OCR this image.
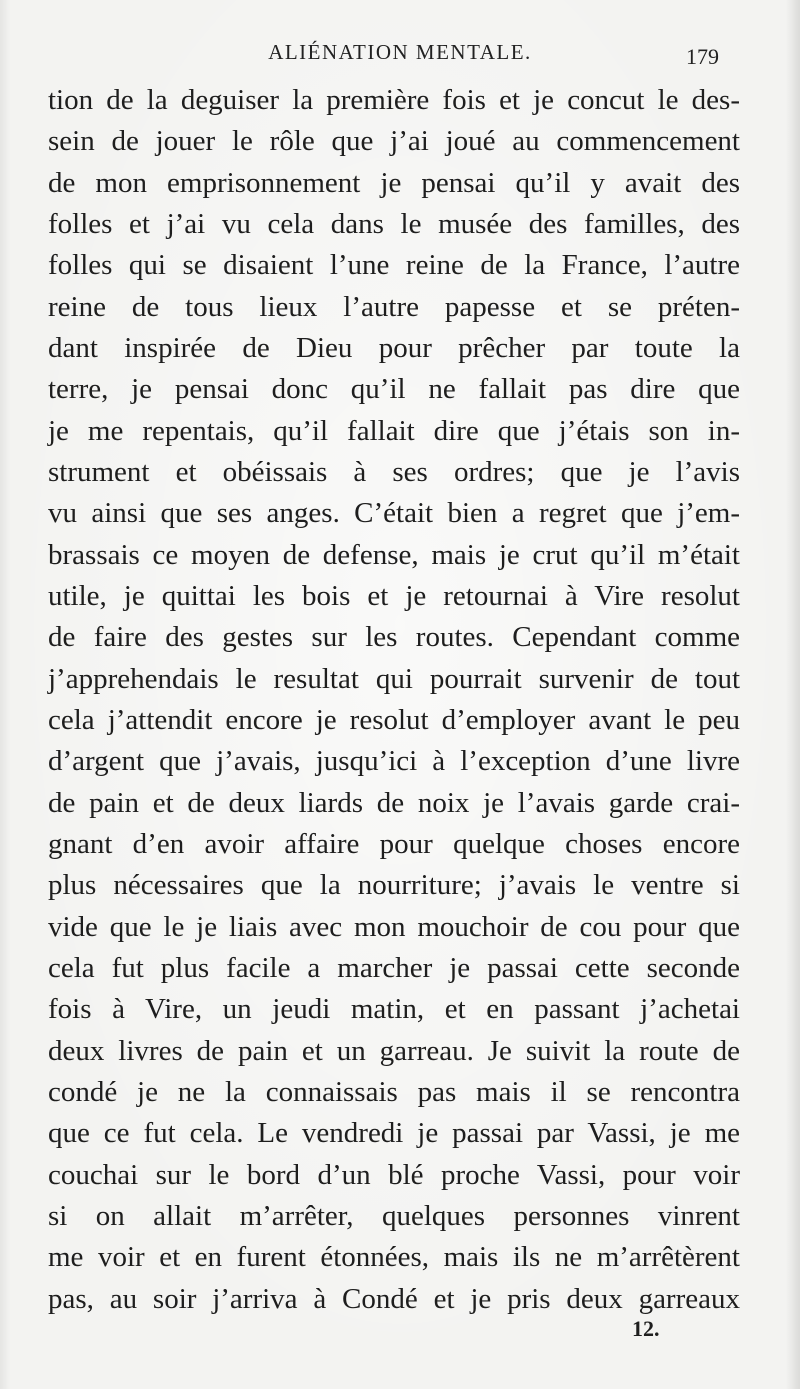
ALIÉNATION MENTALE.	179
tion de la deguiser la première fois et je concut le des-
sein de jouer le rôle que j’ai joué au commencement
de mon emprisonnement je pensai qu’il y avait des
folles et j’ai vu cela dans le musée des familles, des
folles qui se disaient l’une reine de la France, l’autre
reine de tous lieux l’autre papesse et se préten-
dant inspirée de Dieu pour prêcher par toute la
terre, je pensai donc qu’il ne fallait pas dire que
je me repentais, qu’il fallait dire que j’étais son in-
strument et obéissais à ses ordres; que je l’avis
vu ainsi que ses anges. C’était bien a regret que j’em-
brassais ce moyen de defense, mais je crut qu’il m’était
utile, je quittai les bois et je retournai à Vire resolut
de faire des gestes sur les routes. Cependant comme
j’apprehendais le resultat qui pourrait survenir de tout
cela j’attendit encore je resolut d’employer avant le peu
d’argent que j’avais, jusqu’ici à l’exception d’une livre
de pain et de deux liards de noix je l’avais garde crai-
gnant d’en avoir affaire pour quelque choses encore
plus nécessaires que la nourriture; j’avais le ventre si
vide que le je liais avec mon mouchoir de cou pour que
cela fut plus facile a marcher je passai cette seconde
fois à Vire, un jeudi matin, et en passant j’achetai
deux livres de pain et un garreau. Je suivit la route de
condé je ne la connaissais pas mais il se rencontra
que ce fut cela. Le vendredi je passai par Vassi, je me
couchai sur le bord d’un blé proche Vassi, pour voir
si on allait m’arrêter, quelques personnes vinrent
me voir et en furent étonnées, mais ils ne m’arrêtèrent
pas, au soir j’arriva à Condé et je pris deux garreaux
12.
